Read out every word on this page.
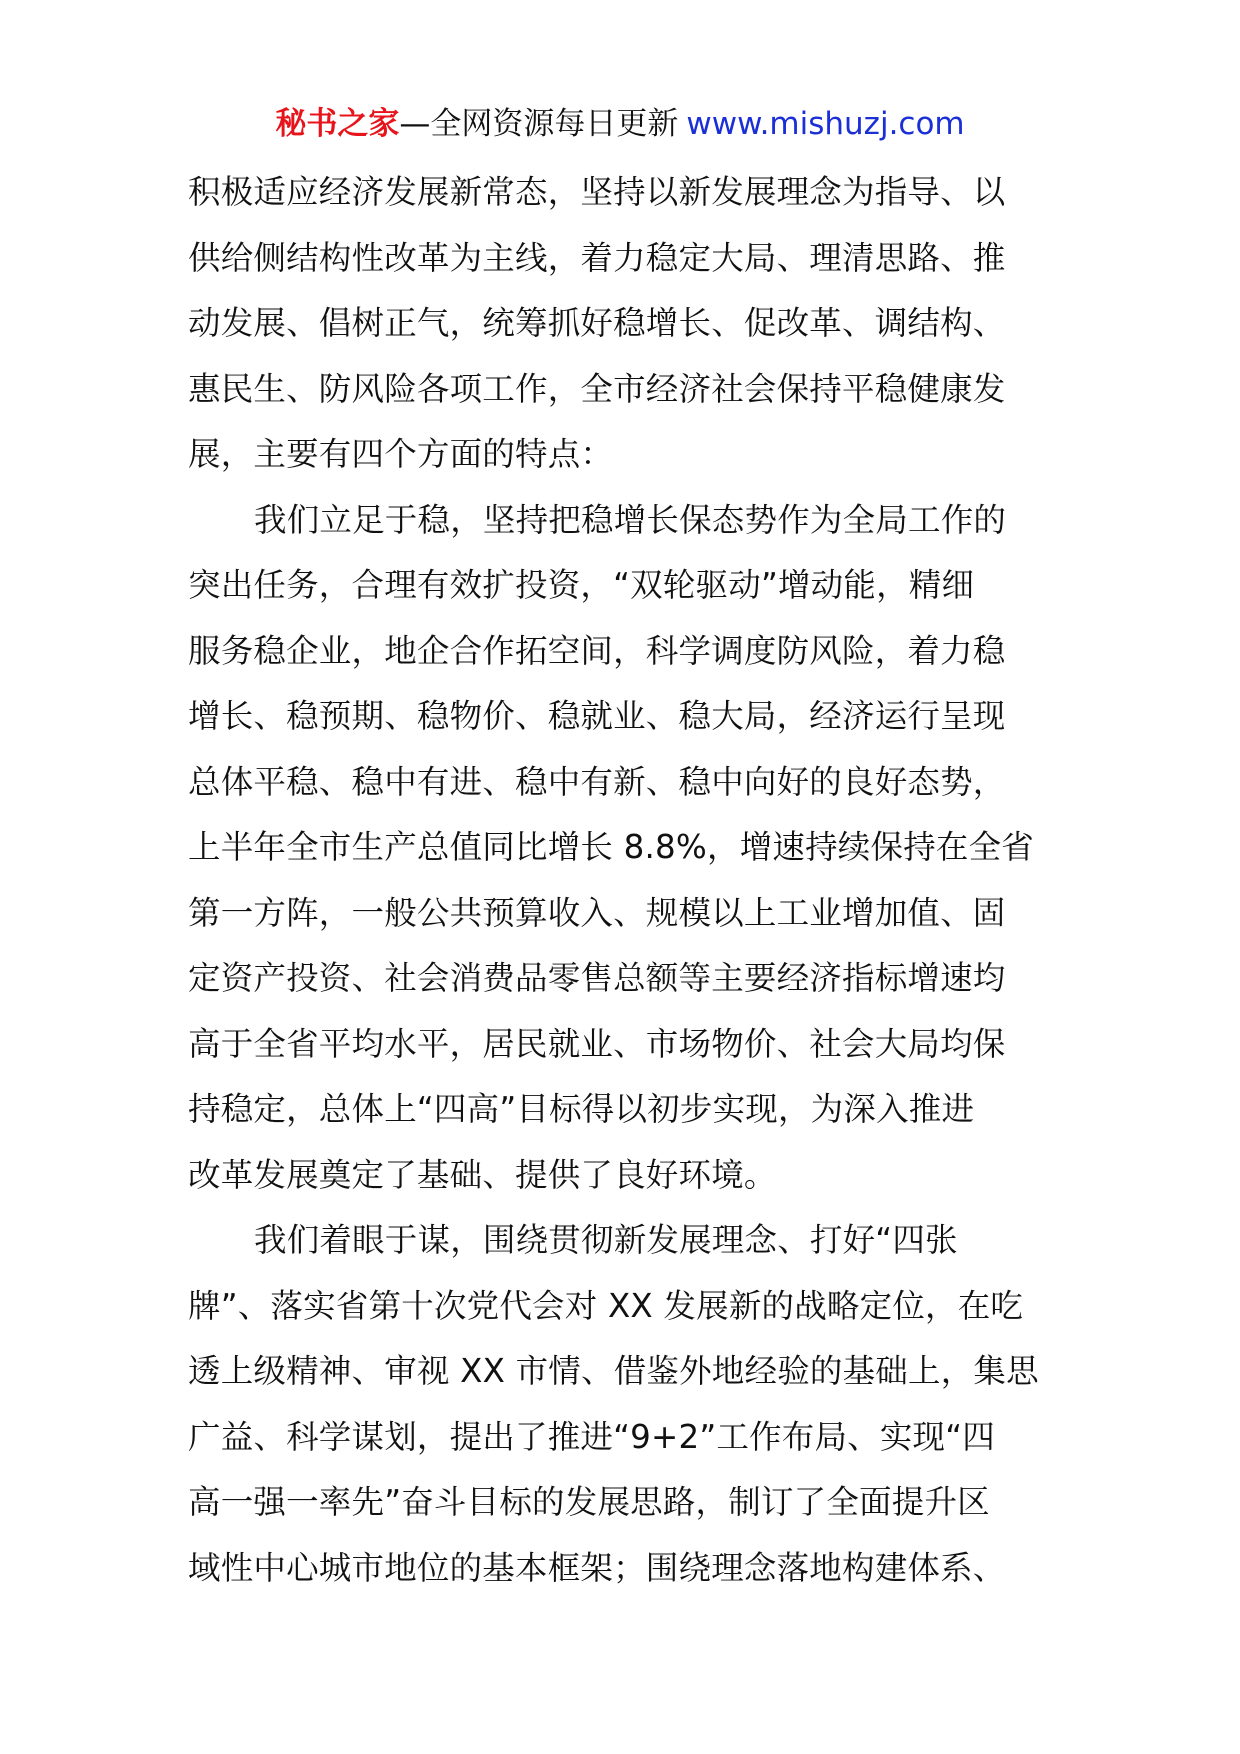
秘书之家—全网资源每日更新 www.mishuzj.com
积极适应经济发展新常态，坚持以新发展理念为指导、以
供给侧结构性改革为主线，着力稳定大局、理清思路、推
动发展、倡树正气，统筹抓好稳增长、促改革、调结构、
惠民生、防风险各项工作，全市经济社会保持平稳健康发
展，主要有四个方面的特点：
我们立足于稳，坚持把稳增长保态势作为全局工作的
突出任务，合理有效扩投资，“双轮驱动”增动能，精细
服务稳企业，地企合作拓空间，科学调度防风险，着力稳
增长、稳预期、稳物价、稳就业、稳大局，经济运行呈现
总体平稳、稳中有进、稳中有新、稳中向好的良好态势，
上半年全市生产总值同比增长 8.8%，增速持续保持在全省
第一方阵，一般公共预算收入、规模以上工业增加值、固
定资产投资、社会消费品零售总额等主要经济指标增速均
高于全省平均水平，居民就业、市场物价、社会大局均保
持稳定，总体上“四高”目标得以初步实现，为深入推进
改革发展奠定了基础、提供了良好环境。
我们着眼于谋，围绕贯彻新发展理念、打好“四张
牌”、落实省第十次党代会对 XX 发展新的战略定位，在吃
透上级精神、审视 XX 市情、借鉴外地经验的基础上，集思
广益、科学谋划，提出了推进“9+2”工作布局、实现“四
高一强一率先”奋斗目标的发展思路，制订了全面提升区
域性中心城市地位的基本框架；围绕理念落地构建体系、
